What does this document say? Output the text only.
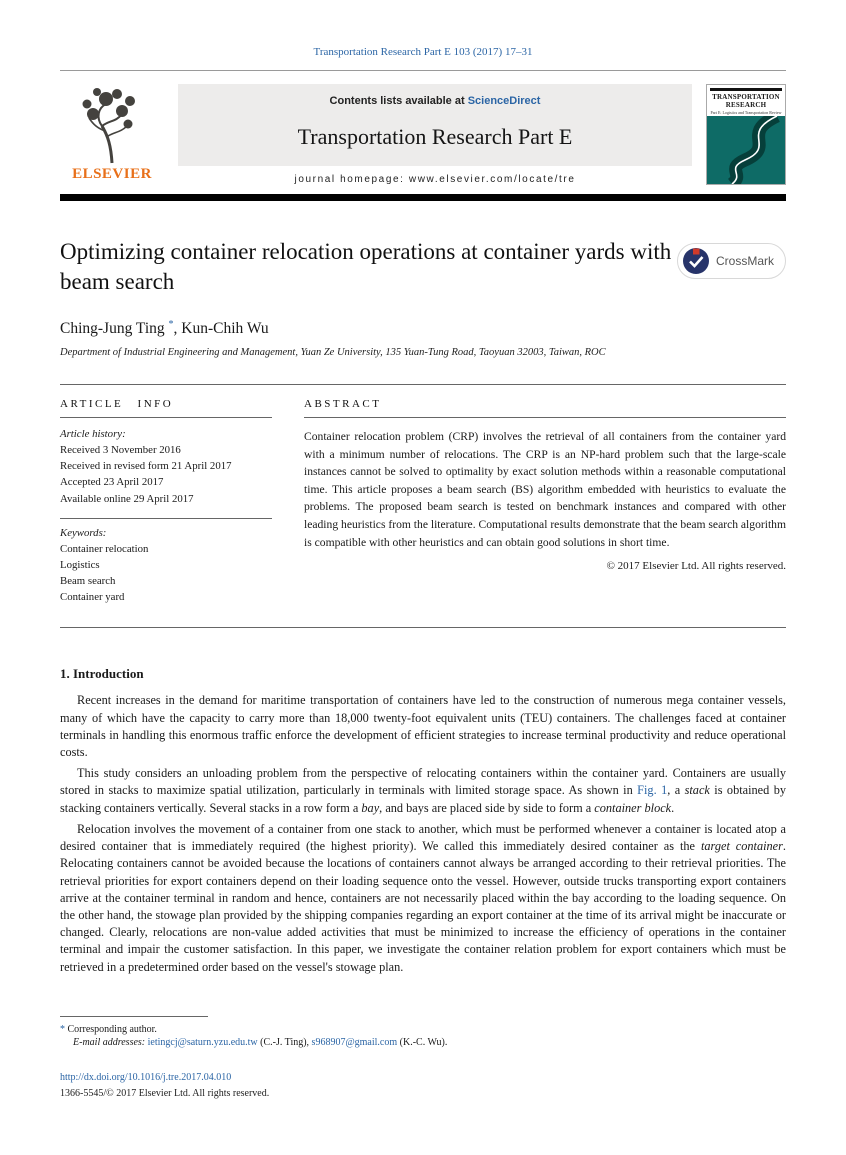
Transportation Research Part E 103 (2017) 17–31
ELSEVIER
Contents lists available at ScienceDirect
Transportation Research Part E
journal homepage: www.elsevier.com/locate/tre
TRANSPORTATION
RESEARCH
Part E: Logistics and Transportation Review
Optimizing container relocation operations at container yards with beam search
CrossMark
Ching-Jung Ting *, Kun-Chih Wu
Department of Industrial Engineering and Management, Yuan Ze University, 135 Yuan-Tung Road, Taoyuan 32003, Taiwan, ROC
ARTICLE INFO
Article history:
Received 3 November 2016
Received in revised form 21 April 2017
Accepted 23 April 2017
Available online 29 April 2017
Keywords:
Container relocation
Logistics
Beam search
Container yard
ABSTRACT
Container relocation problem (CRP) involves the retrieval of all containers from the container yard with a minimum number of relocations. The CRP is an NP-hard problem such that the large-scale instances cannot be solved to optimality by exact solution methods within a reasonable computational time. This article proposes a beam search (BS) algorithm embedded with heuristics to evaluate the problems. The proposed beam search is tested on benchmark instances and compared with other leading heuristics from the literature. Computational results demonstrate that the beam search algorithm is compatible with other heuristics and can obtain good solutions in short time.
© 2017 Elsevier Ltd. All rights reserved.
1. Introduction

Recent increases in the demand for maritime transportation of containers have led to the construction of numerous mega container vessels, many of which have the capacity to carry more than 18,000 twenty-foot equivalent units (TEU) containers. The challenges faced at container terminals in handling this enormous traffic enforce the development of efficient strategies to increase terminal productivity and reduce operational costs.

This study considers an unloading problem from the perspective of relocating containers within the container yard. Containers are usually stored in stacks to maximize spatial utilization, particularly in terminals with limited storage space. As shown in Fig. 1, a stack is obtained by stacking containers vertically. Several stacks in a row form a bay, and bays are placed side by side to form a container block.

Relocation involves the movement of a container from one stack to another, which must be performed whenever a container is located atop a desired container that is immediately required (the highest priority). We called this immediately desired container as the target container. Relocating containers cannot be avoided because the locations of containers cannot always be arranged according to their retrieval priorities. The retrieval priorities for export containers depend on their loading sequence onto the vessel. However, outside trucks transporting export containers arrive at the container terminal in random and hence, containers are not necessarily placed within the bay according to the loading sequence. On the other hand, the stowage plan provided by the shipping companies regarding an export container at the time of its arrival might be inaccurate or changed. Clearly, relocations are non-value added activities that must be minimized to increase the efficiency of operations in the container terminal and impair the customer satisfaction. In this paper, we investigate the container relation problem for export containers which must be retrieved in a predetermined order based on the vessel's stowage plan.

* Corresponding author.
E-mail addresses: ietingcj@saturn.yzu.edu.tw (C.-J. Ting), s968907@gmail.com (K.-C. Wu).
http://dx.doi.org/10.1016/j.tre.2017.04.010
1366-5545/© 2017 Elsevier Ltd. All rights reserved.
